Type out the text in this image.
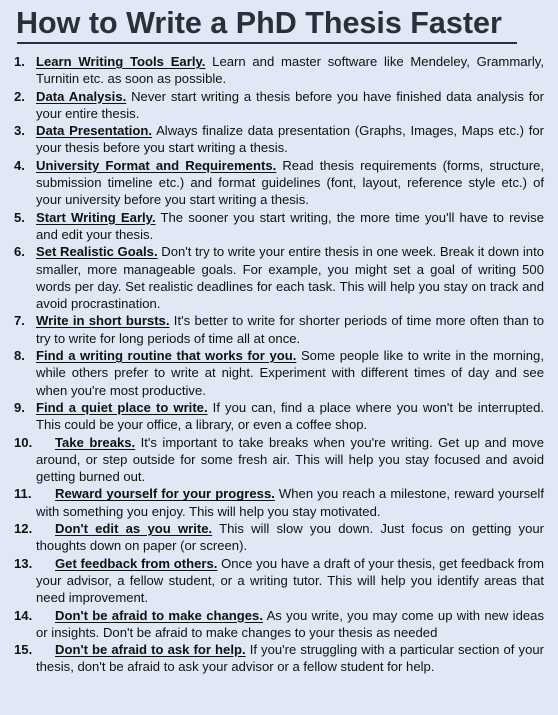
How to Write a PhD Thesis Faster
1. Learn Writing Tools Early. Learn and master software like Mendeley, Grammarly, Turnitin etc. as soon as possible.
2. Data Analysis. Never start writing a thesis before you have finished data analysis for your entire thesis.
3. Data Presentation. Always finalize data presentation (Graphs, Images, Maps etc.) for your thesis before you start writing a thesis.
4. University Format and Requirements. Read thesis requirements (forms, structure, submission timeline etc.) and format guidelines (font, layout, reference style etc.) of your university before you start writing a thesis.
5. Start Writing Early. The sooner you start writing, the more time you'll have to revise and edit your thesis.
6. Set Realistic Goals. Don't try to write your entire thesis in one week. Break it down into smaller, more manageable goals. For example, you might set a goal of writing 500 words per day. Set realistic deadlines for each task. This will help you stay on track and avoid procrastination.
7. Write in short bursts. It's better to write for shorter periods of time more often than to try to write for long periods of time all at once.
8. Find a writing routine that works for you. Some people like to write in the morning, while others prefer to write at night. Experiment with different times of day and see when you're most productive.
9. Find a quiet place to write. If you can, find a place where you won't be interrupted. This could be your office, a library, or even a coffee shop.
10. Take breaks. It's important to take breaks when you're writing. Get up and move around, or step outside for some fresh air. This will help you stay focused and avoid getting burned out.
11. Reward yourself for your progress. When you reach a milestone, reward yourself with something you enjoy. This will help you stay motivated.
12. Don't edit as you write. This will slow you down. Just focus on getting your thoughts down on paper (or screen).
13. Get feedback from others. Once you have a draft of your thesis, get feedback from your advisor, a fellow student, or a writing tutor. This will help you identify areas that need improvement.
14. Don't be afraid to make changes. As you write, you may come up with new ideas or insights. Don't be afraid to make changes to your thesis as needed
15. Don't be afraid to ask for help. If you're struggling with a particular section of your thesis, don't be afraid to ask your advisor or a fellow student for help.
